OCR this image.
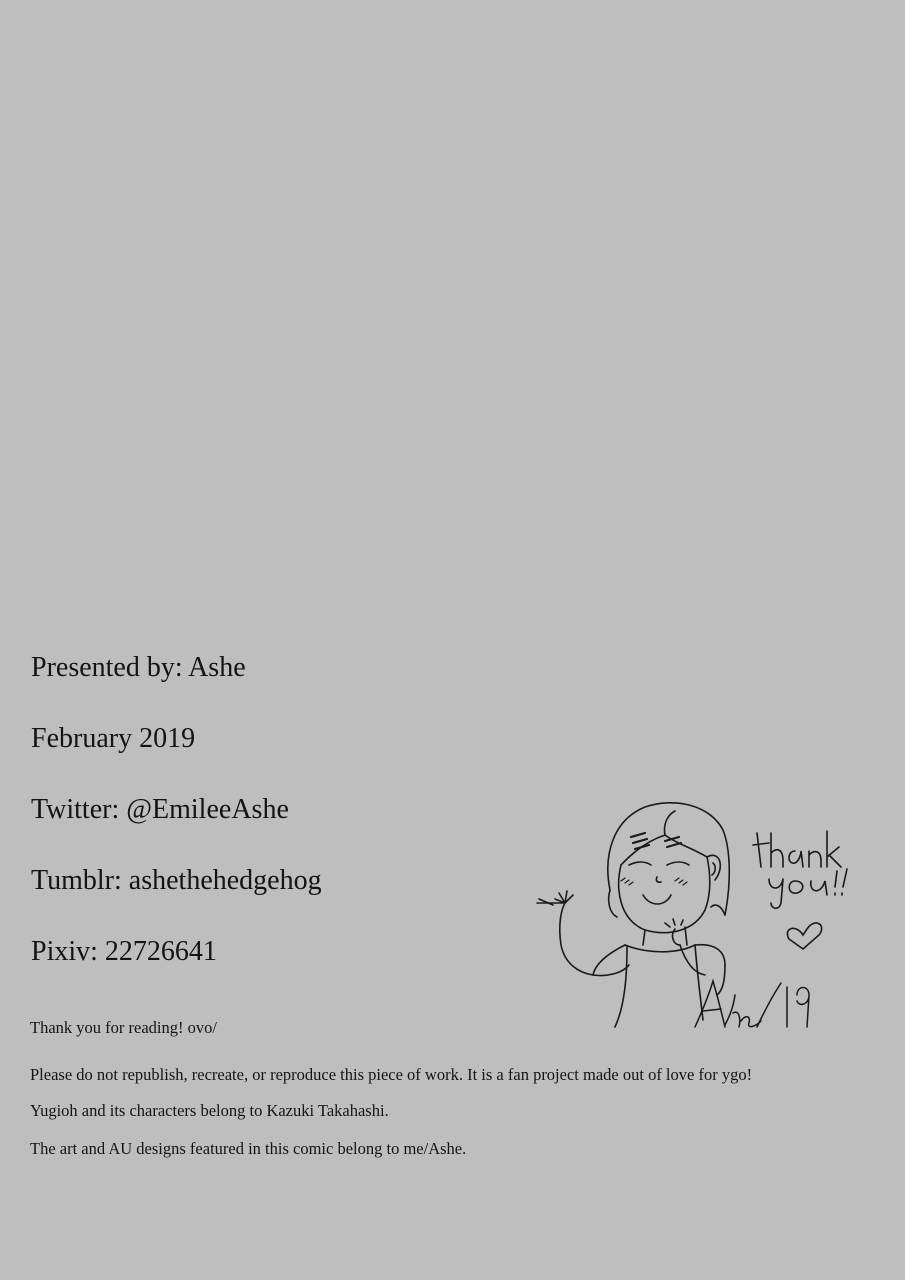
Presented by: Ashe

February 2019

Twitter: @EmileeAshe

Tumblr: ashethehedgehog

Pixiv: 22726641

Thank you for reading! ovo/

Please do not republish, recreate, or reproduce this piece of work. It is a fan project made out of love for ygo!

Yugioh and its characters belong to Kazuki Takahashi.

The art and AU designs featured in this comic belong to me/Ashe.
